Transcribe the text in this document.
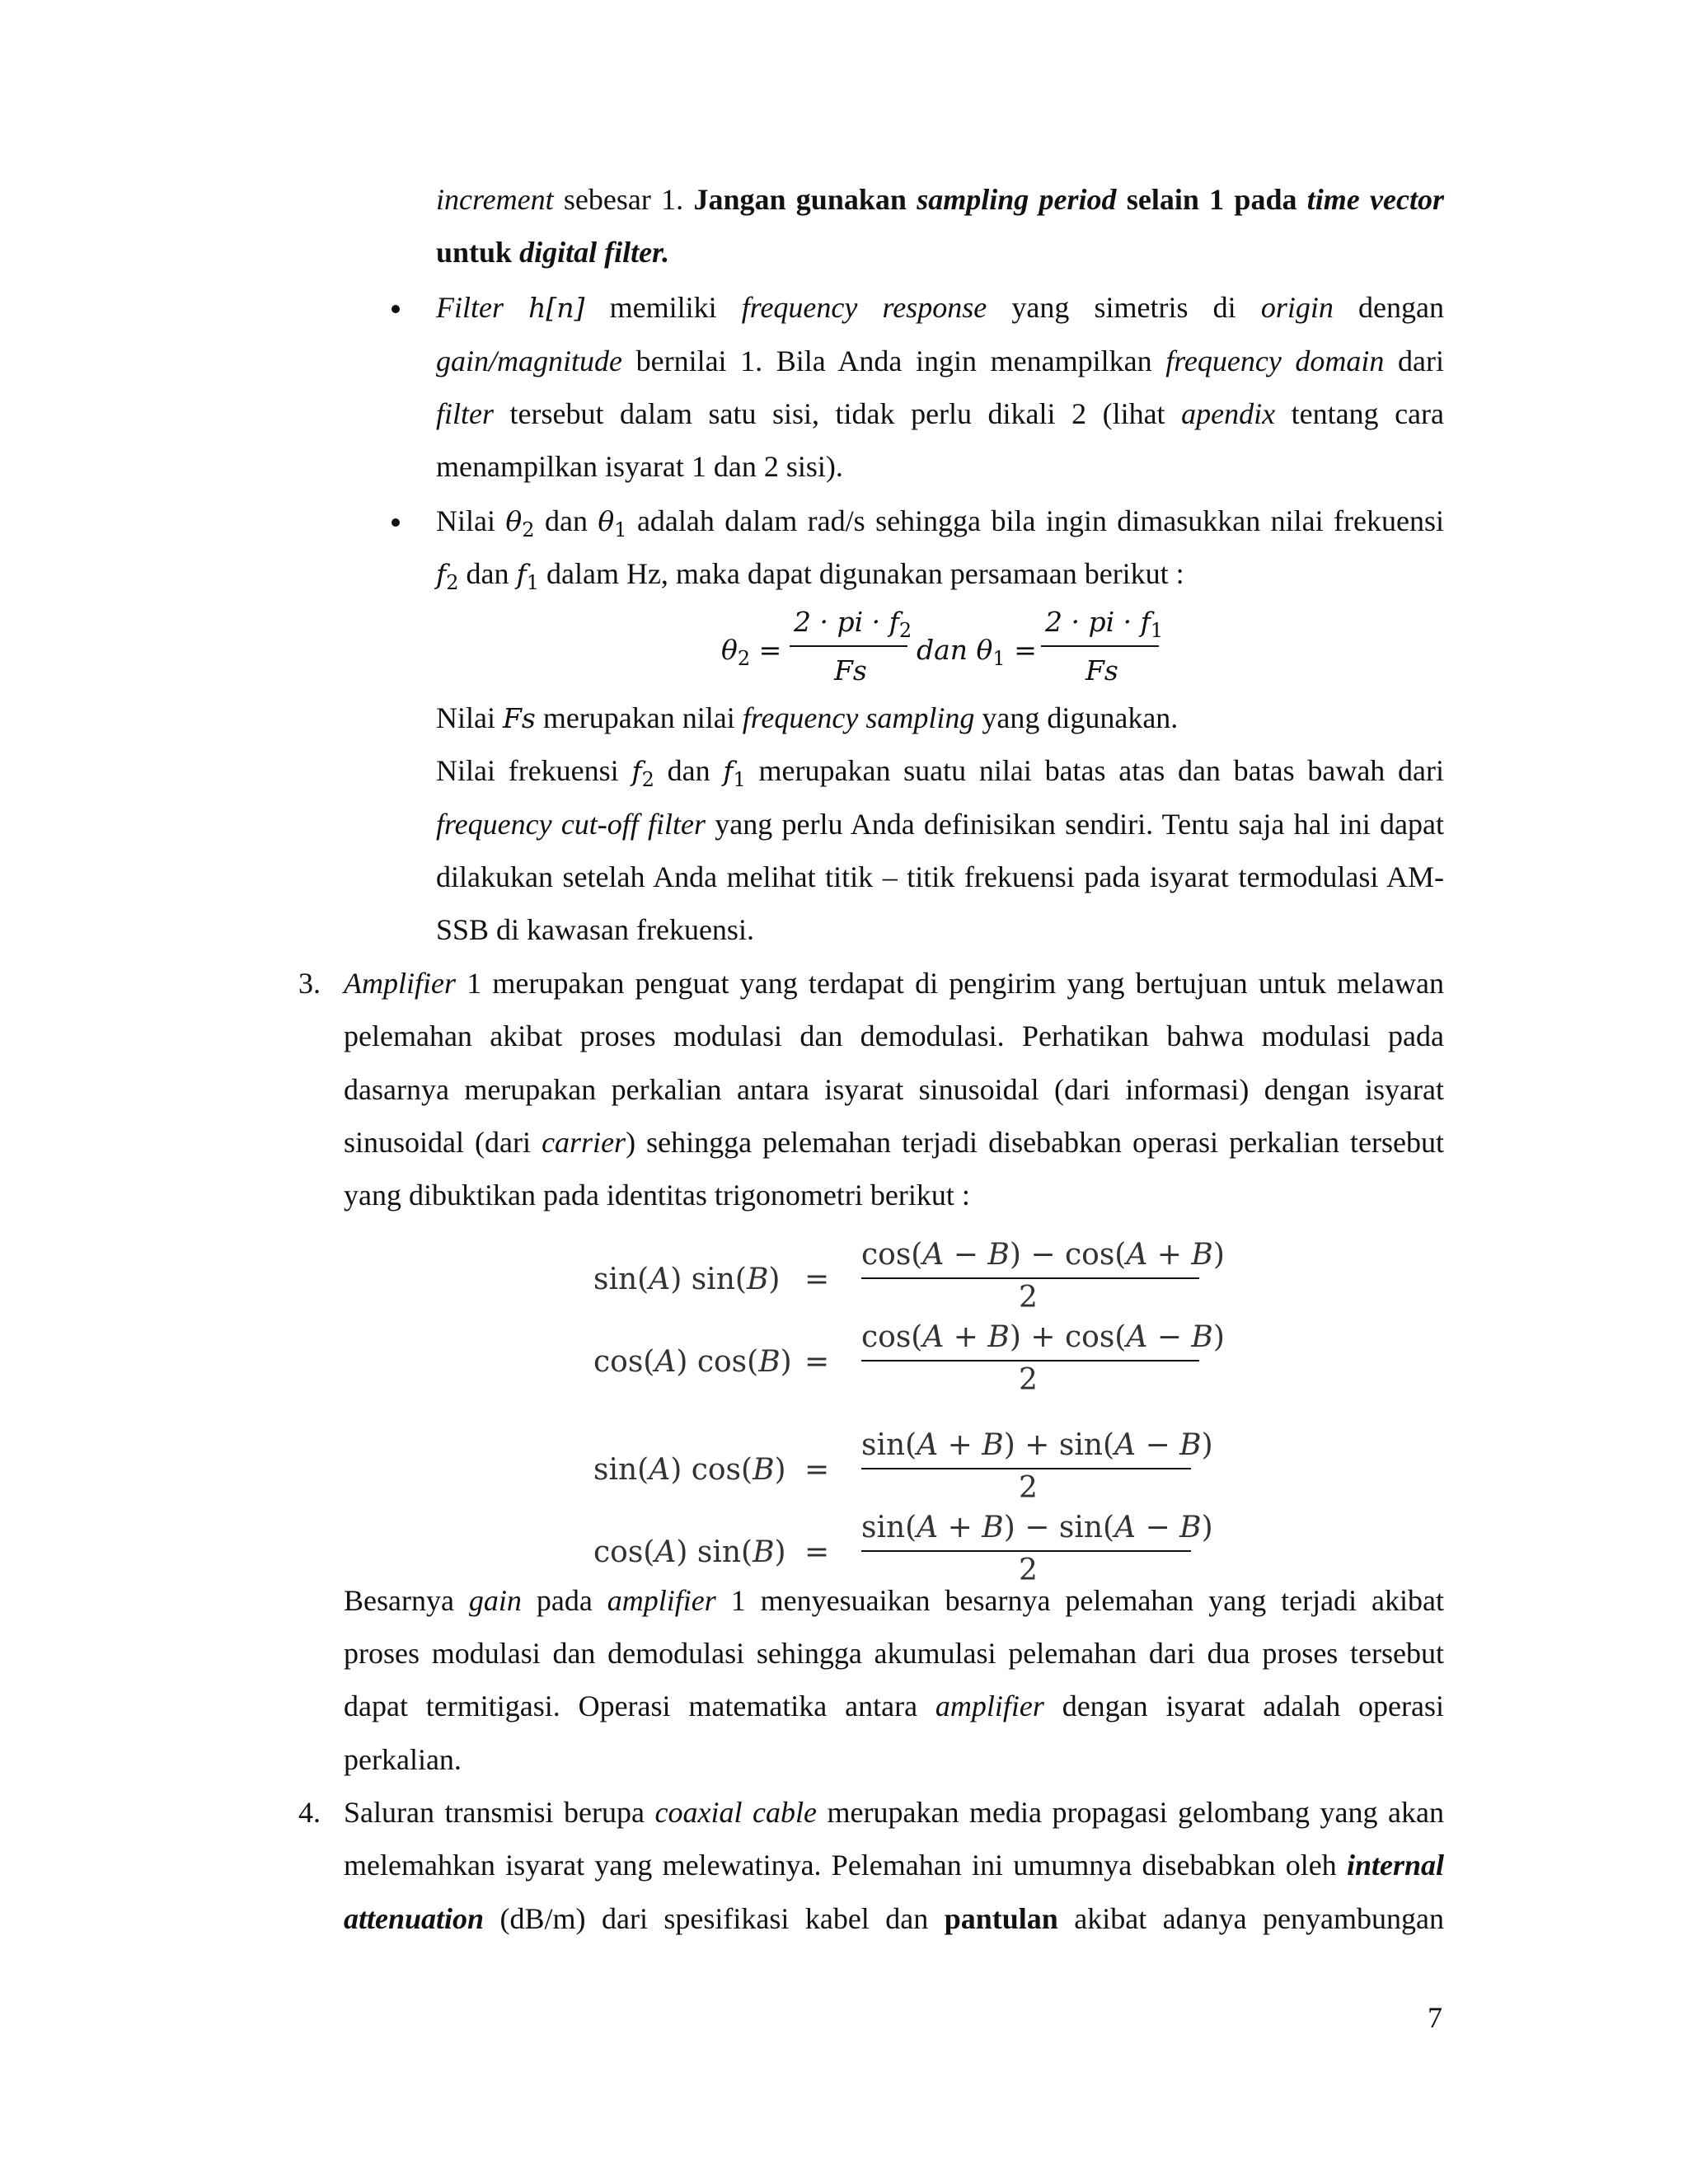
increment sebesar 1. Jangan gunakan sampling period selain 1 pada time vector
untuk digital filter.
Filter h[n] memiliki frequency response yang simetris di origin dengan
gain/magnitude bernilai 1. Bila Anda ingin menampilkan frequency domain dari
filter tersebut dalam satu sisi, tidak perlu dikali 2 (lihat apendix tentang cara
menampilkan isyarat 1 dan 2 sisi).
Nilai $\theta_2$ dan $\theta_1$ adalah dalam rad/s sehingga bila ingin dimasukkan nilai frekuensi
$f_2$ dan $f_1$ dalam Hz, maka dapat digunakan persamaan berikut :
$\theta_2$ =
2 · pi · $f_2$
Fs
dan $\theta_1$ =
2 · pi · $f_1$
Fs
Nilai Fs merupakan nilai frequency sampling yang digunakan.
Nilai frekuensi $f_2$ dan $f_1$ merupakan suatu nilai batas atas dan batas bawah dari
frequency cut-off filter yang perlu Anda definisikan sendiri. Tentu saja hal ini dapat
dilakukan setelah Anda melihat titik – titik frekuensi pada isyarat termodulasi AM-
SSB di kawasan frekuensi.
3. Amplifier 1 merupakan penguat yang terdapat di pengirim yang bertujuan untuk melawan
pelemahan akibat proses modulasi dan demodulasi. Perhatikan bahwa modulasi pada
dasarnya merupakan perkalian antara isyarat sinusoidal (dari informasi) dengan isyarat
sinusoidal (dari carrier) sehingga pelemahan terjadi disebabkan operasi perkalian tersebut
yang dibuktikan pada identitas trigonometri berikut :
sin(A) sin(B) =
cos(A − B) − cos(A + B)
2
cos(A) cos(B) =
cos(A + B) + cos(A − B)
2
sin(A) cos(B) =
sin(A + B) + sin(A − B)
2
cos(A) sin(B) =
sin(A + B) − sin(A − B)
2
Besarnya gain pada amplifier 1 menyesuaikan besarnya pelemahan yang terjadi akibat
proses modulasi dan demodulasi sehingga akumulasi pelemahan dari dua proses tersebut
dapat termitigasi. Operasi matematika antara amplifier dengan isyarat adalah operasi
perkalian.
4. Saluran transmisi berupa coaxial cable merupakan media propagasi gelombang yang akan
melemahkan isyarat yang melewatinya. Pelemahan ini umumnya disebabkan oleh internal
attenuation (dB/m) dari spesifikasi kabel dan pantulan akibat adanya penyambungan
7
